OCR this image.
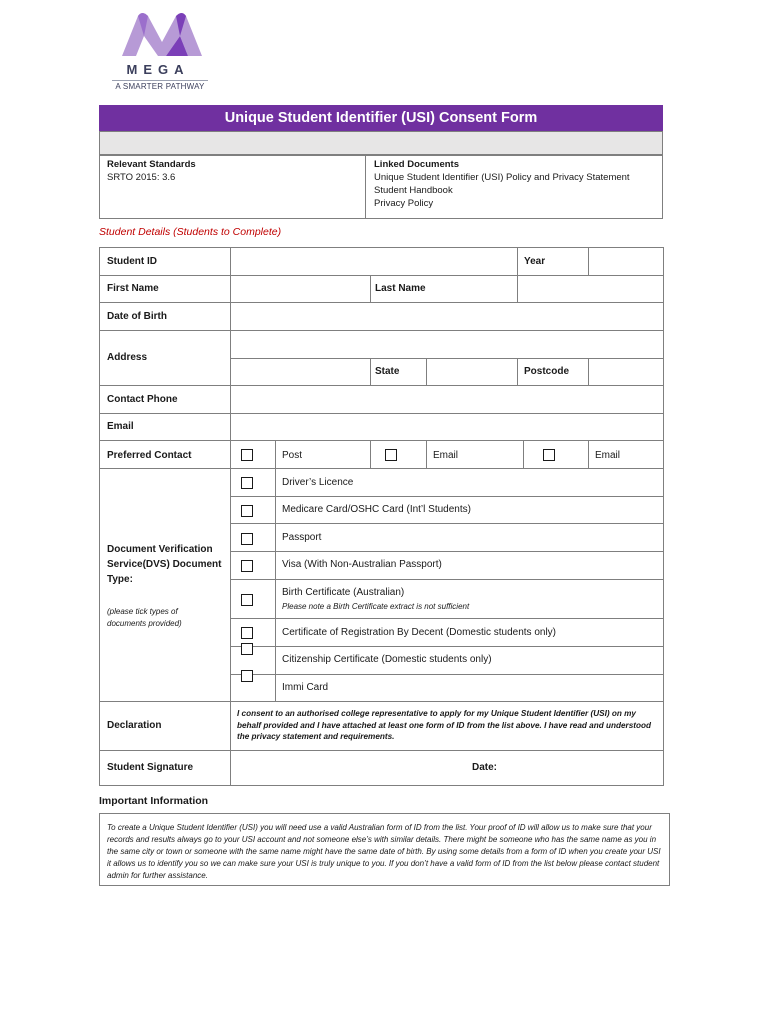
MEGA
A SMARTER PATHWAY
Unique Student Identifier (USI) Consent Form
Relevant Standards
SRTO 2015: 3.6
Linked Documents
Unique Student Identifier (USI) Policy and Privacy Statement
Student Handbook
Privacy Policy
Student Details (Students to Complete)
Student ID	Year
First Name	Last Name
Date of Birth
Address
State	Postcode
Contact Phone
Email
Preferred Contact	Post	Email	Email
Document Verification Service(DVS) Document Type:
(please tick types of documents provided)
Driver’s Licence
Medicare Card/OSHC Card (Int’l Students)
Passport
Visa (With Non-Australian Passport)
Birth Certificate (Australian)
Please note a Birth Certificate extract is not sufficient
Certificate of Registration By Decent (Domestic students only)
Citizenship Certificate (Domestic students only)
Immi Card
Declaration
I consent to an authorised college representative to apply for my Unique Student Identifier (USI) on my behalf provided and I have attached at least one form of ID from the list above. I have read and understood the privacy statement and requirements.
Student Signature	Date:
Important Information
To create a Unique Student Identifier (USI) you will need use a valid Australian form of ID from the list. Your proof of ID will allow us to make sure that your records and results always go to your USI account and not someone else’s with similar details. There might be someone who has the same name as you in the same city or town or someone with the same name might have the same date of birth. By using some details from a form of ID when you create your USI it allows us to identify you so we can make sure your USI is truly unique to you. If you don’t have a valid form of ID from the list below please contact student admin for further assistance.
